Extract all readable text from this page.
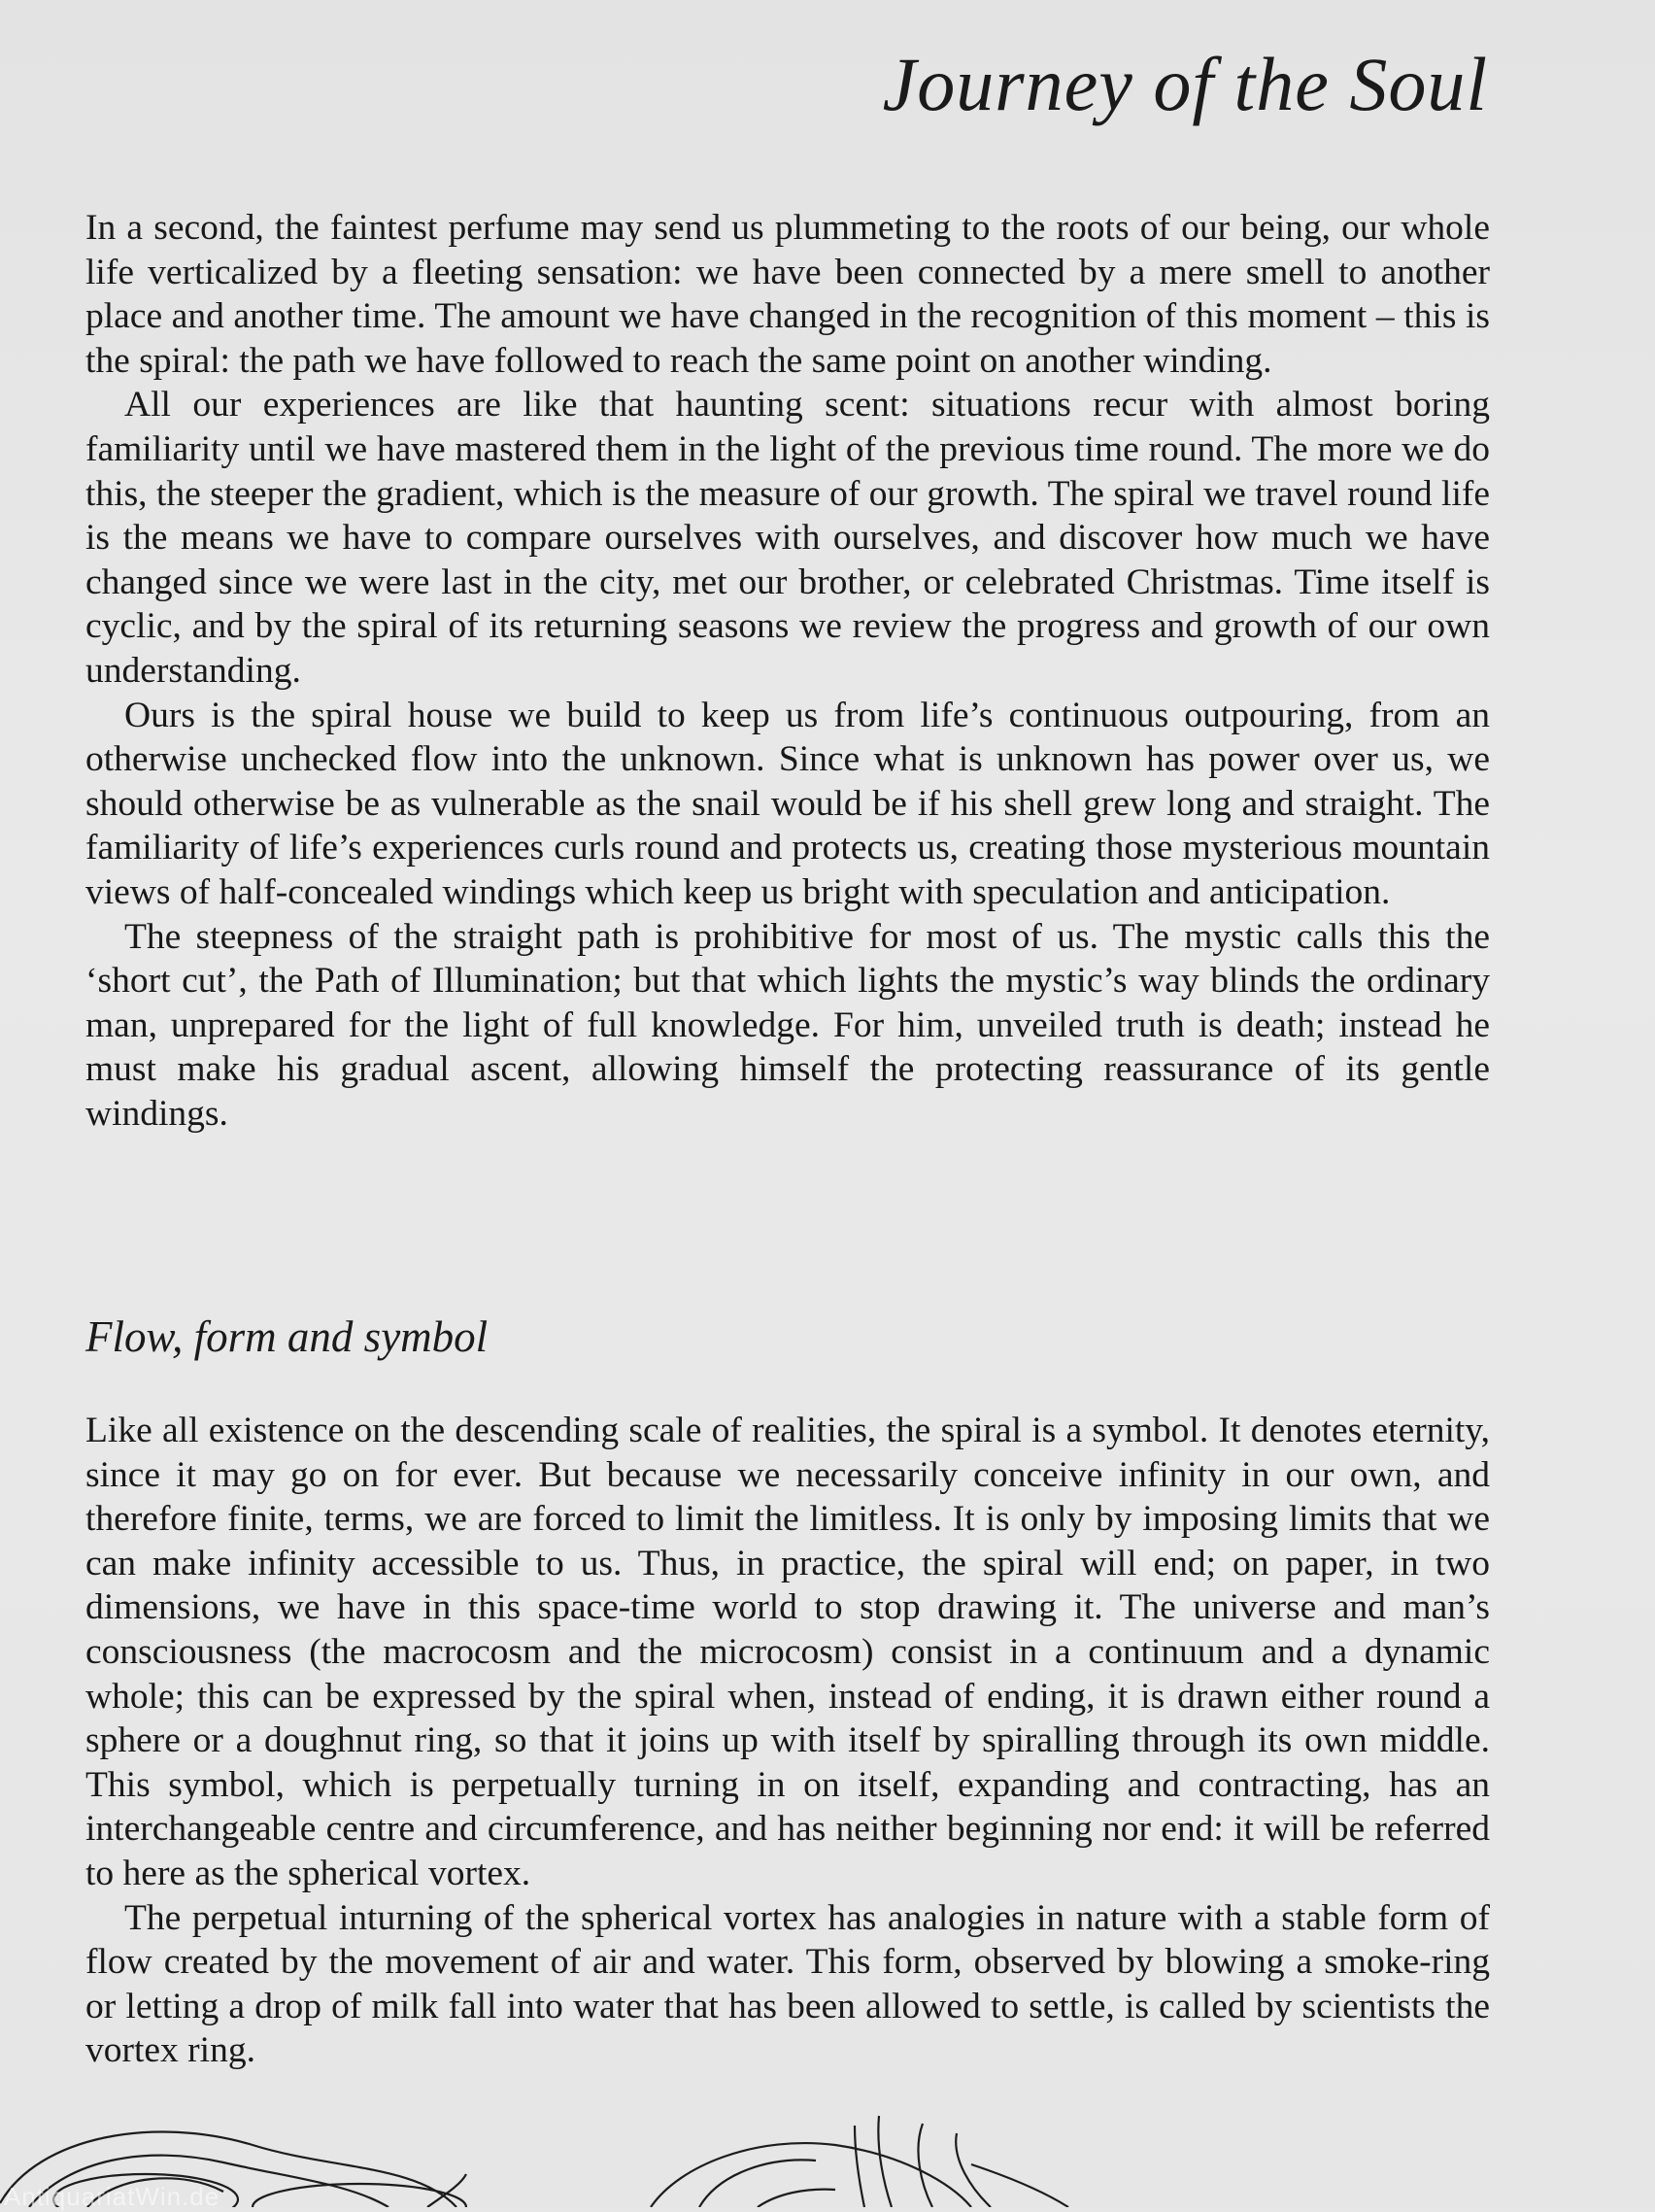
Journey of the Soul

In a second, the faintest perfume may send us plummeting to the roots of our being, our whole life verticalized by a fleeting sensation: we have been connected by a mere smell to another place and another time. The amount we have changed in the recognition of this moment – this is the spiral: the path we have followed to reach the same point on another winding.

All our experiences are like that haunting scent: situations recur with almost boring familiarity until we have mastered them in the light of the previous time round. The more we do this, the steeper the gradient, which is the measure of our growth. The spiral we travel round life is the means we have to compare ourselves with ourselves, and discover how much we have changed since we were last in the city, met our brother, or celebrated Christmas. Time itself is cyclic, and by the spiral of its returning seasons we review the progress and growth of our own understanding.

Ours is the spiral house we build to keep us from life’s continuous outpouring, from an otherwise unchecked flow into the unknown. Since what is unknown has power over us, we should otherwise be as vulnerable as the snail would be if his shell grew long and straight. The familiarity of life’s experiences curls round and protects us, creating those mysterious mountain views of half-concealed windings which keep us bright with speculation and anticipation.

The steepness of the straight path is prohibitive for most of us. The mystic calls this the ‘short cut’, the Path of Illumination; but that which lights the mystic’s way blinds the ordinary man, unprepared for the light of full knowledge. For him, unveiled truth is death; instead he must make his gradual ascent, allowing himself the protecting reassurance of its gentle windings.

Flow, form and symbol

Like all existence on the descending scale of realities, the spiral is a symbol. It denotes eternity, since it may go on for ever. But because we necessarily conceive infinity in our own, and therefore finite, terms, we are forced to limit the limitless. It is only by imposing limits that we can make infinity accessible to us. Thus, in practice, the spiral will end; on paper, in two dimensions, we have in this space-time world to stop drawing it. The universe and man’s consciousness (the macrocosm and the microcosm) consist in a continuum and a dynamic whole; this can be expressed by the spiral when, instead of ending, it is drawn either round a sphere or a doughnut ring, so that it joins up with itself by spiralling through its own middle. This symbol, which is perpetually turning in on itself, expanding and contracting, has an interchangeable centre and circumference, and has neither beginning nor end: it will be referred to here as the spherical vortex.

The perpetual inturning of the spherical vortex has analogies in nature with a stable form of flow created by the movement of air and water. This form, observed by blowing a smoke-ring or letting a drop of milk fall into water that has been allowed to settle, is called by scientists the vortex ring.

AntiquariatWin.de
